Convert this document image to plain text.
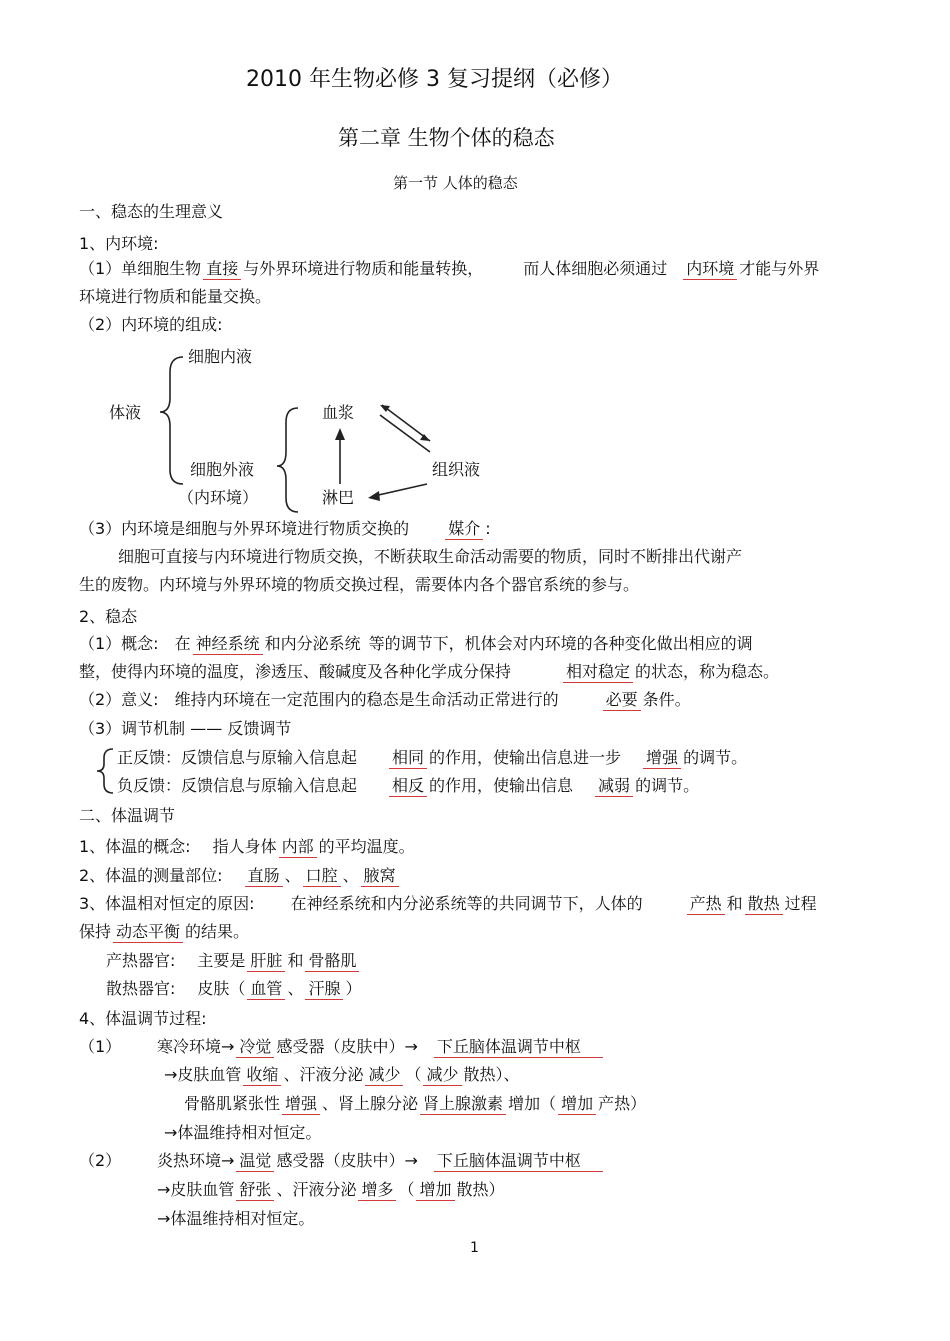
2010 年生物必修 3 复习提纲（必修）
第二章 生物个体的稳态
第一节 人体的稳态
一、稳态的生理意义
1、内环境:
（1）单细胞生物 直接 与外界环境进行物质和能量转换，	而人体细胞必须通过 内环境 才能与外界
环境进行物质和能量交换。
（2）内环境的组成:
细胞内液
体液	血浆
细胞外液	组织液
（内环境）	淋巴
（3）内环境是细胞与外界环境进行物质交换的 媒介 :
细胞可直接与内环境进行物质交换，不断获取生命活动需要的物质，同时不断排出代谢产
生的废物。内环境与外界环境的物质交换过程，需要体内各个器官系统的参与。
2、稳态
（1）概念: 在 神经系统 和内分泌系统 等的调节下，机体会对内环境的各种变化做出相应的调
整，使得内环境的温度，渗透压、酸碱度及各种化学成分保持	相对稳定 的状态，称为稳态。
（2）意义: 维持内环境在一定范围内的稳态是生命活动正常进行的	必要 条件。
（3）调节机制 —— 反馈调节
正反馈：反馈信息与原输入信息起 相同 的作用，使输出信息进一步 增强 的调节。
负反馈：反馈信息与原输入信息起 相反 的作用，使输出信息 减弱 的调节。
二、体温调节
1、体温的概念: 指人身体 内部 的平均温度。
2、体温的测量部位: 直肠 、 口腔 、 腋窝
3、体温相对恒定的原因: 在神经系统和内分泌系统等的共同调节下，人体的	产热 和 散热 过程
保持 动态平衡 的结果。
产热器官: 主要是 肝脏 和 骨骼肌
散热器官: 皮肤（ 血管 、 汗腺 ）
4、体温调节过程:
（1） 寒冷环境→ 冷觉 感受器（皮肤中）→ 下丘脑体温调节中枢
→皮肤血管 收缩 、汗液分泌 减少 （ 减少 散热）、
骨骼肌紧张性 增强 、肾上腺分泌 肾上腺激素 增加（ 增加 产热）
→体温维持相对恒定。
（2） 炎热环境→ 温觉 感受器（皮肤中）→ 下丘脑体温调节中枢
→皮肤血管 舒张 、汗液分泌 增多 （ 增加 散热）
→体温维持相对恒定。
1
